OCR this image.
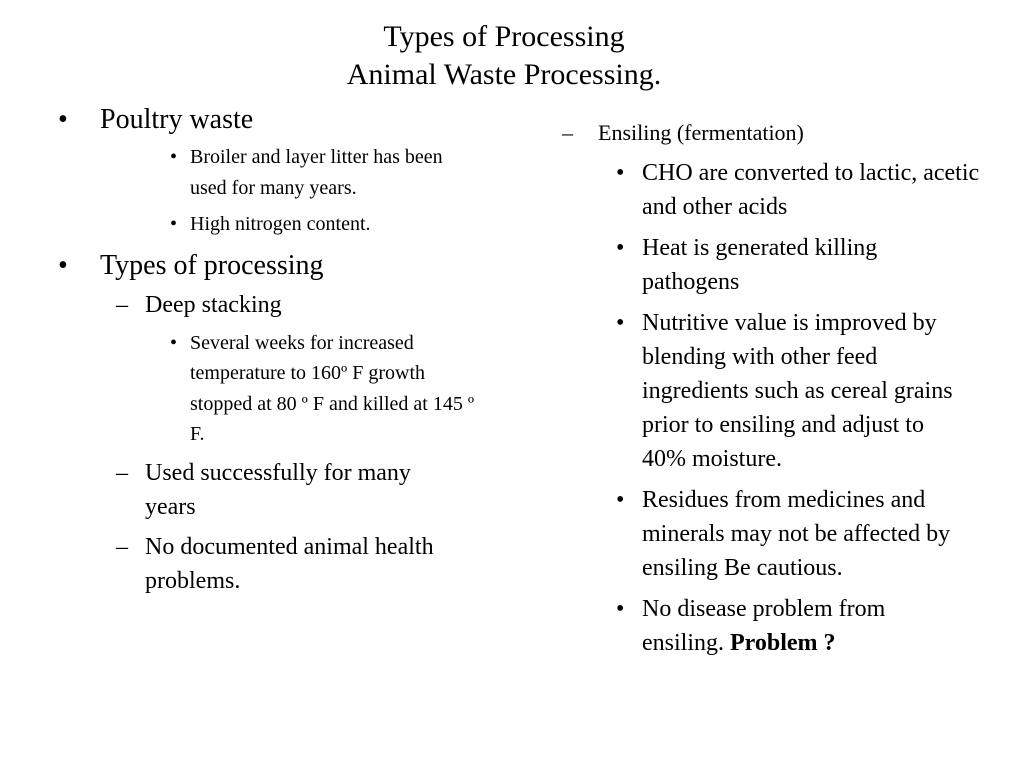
Types of Processing
Animal Waste Processing.
•	Poultry waste
• Broiler and layer litter has been used for many years.
• High nitrogen content.
•	Types of processing
– Deep stacking
• Several weeks for increased temperature to 160º F growth stopped at 80 º F and killed at 145 º F.
– Used successfully for many years
– No documented animal health problems.
–	Ensiling (fermentation)
• CHO are converted to lactic, acetic and other acids
• Heat is generated killing pathogens
• Nutritive value is improved by blending with other feed ingredients such as cereal grains prior to ensiling and adjust to 40% moisture.
• Residues from medicines and minerals may not be affected by ensiling Be cautious.
• No disease problem from ensiling. Problem ?
